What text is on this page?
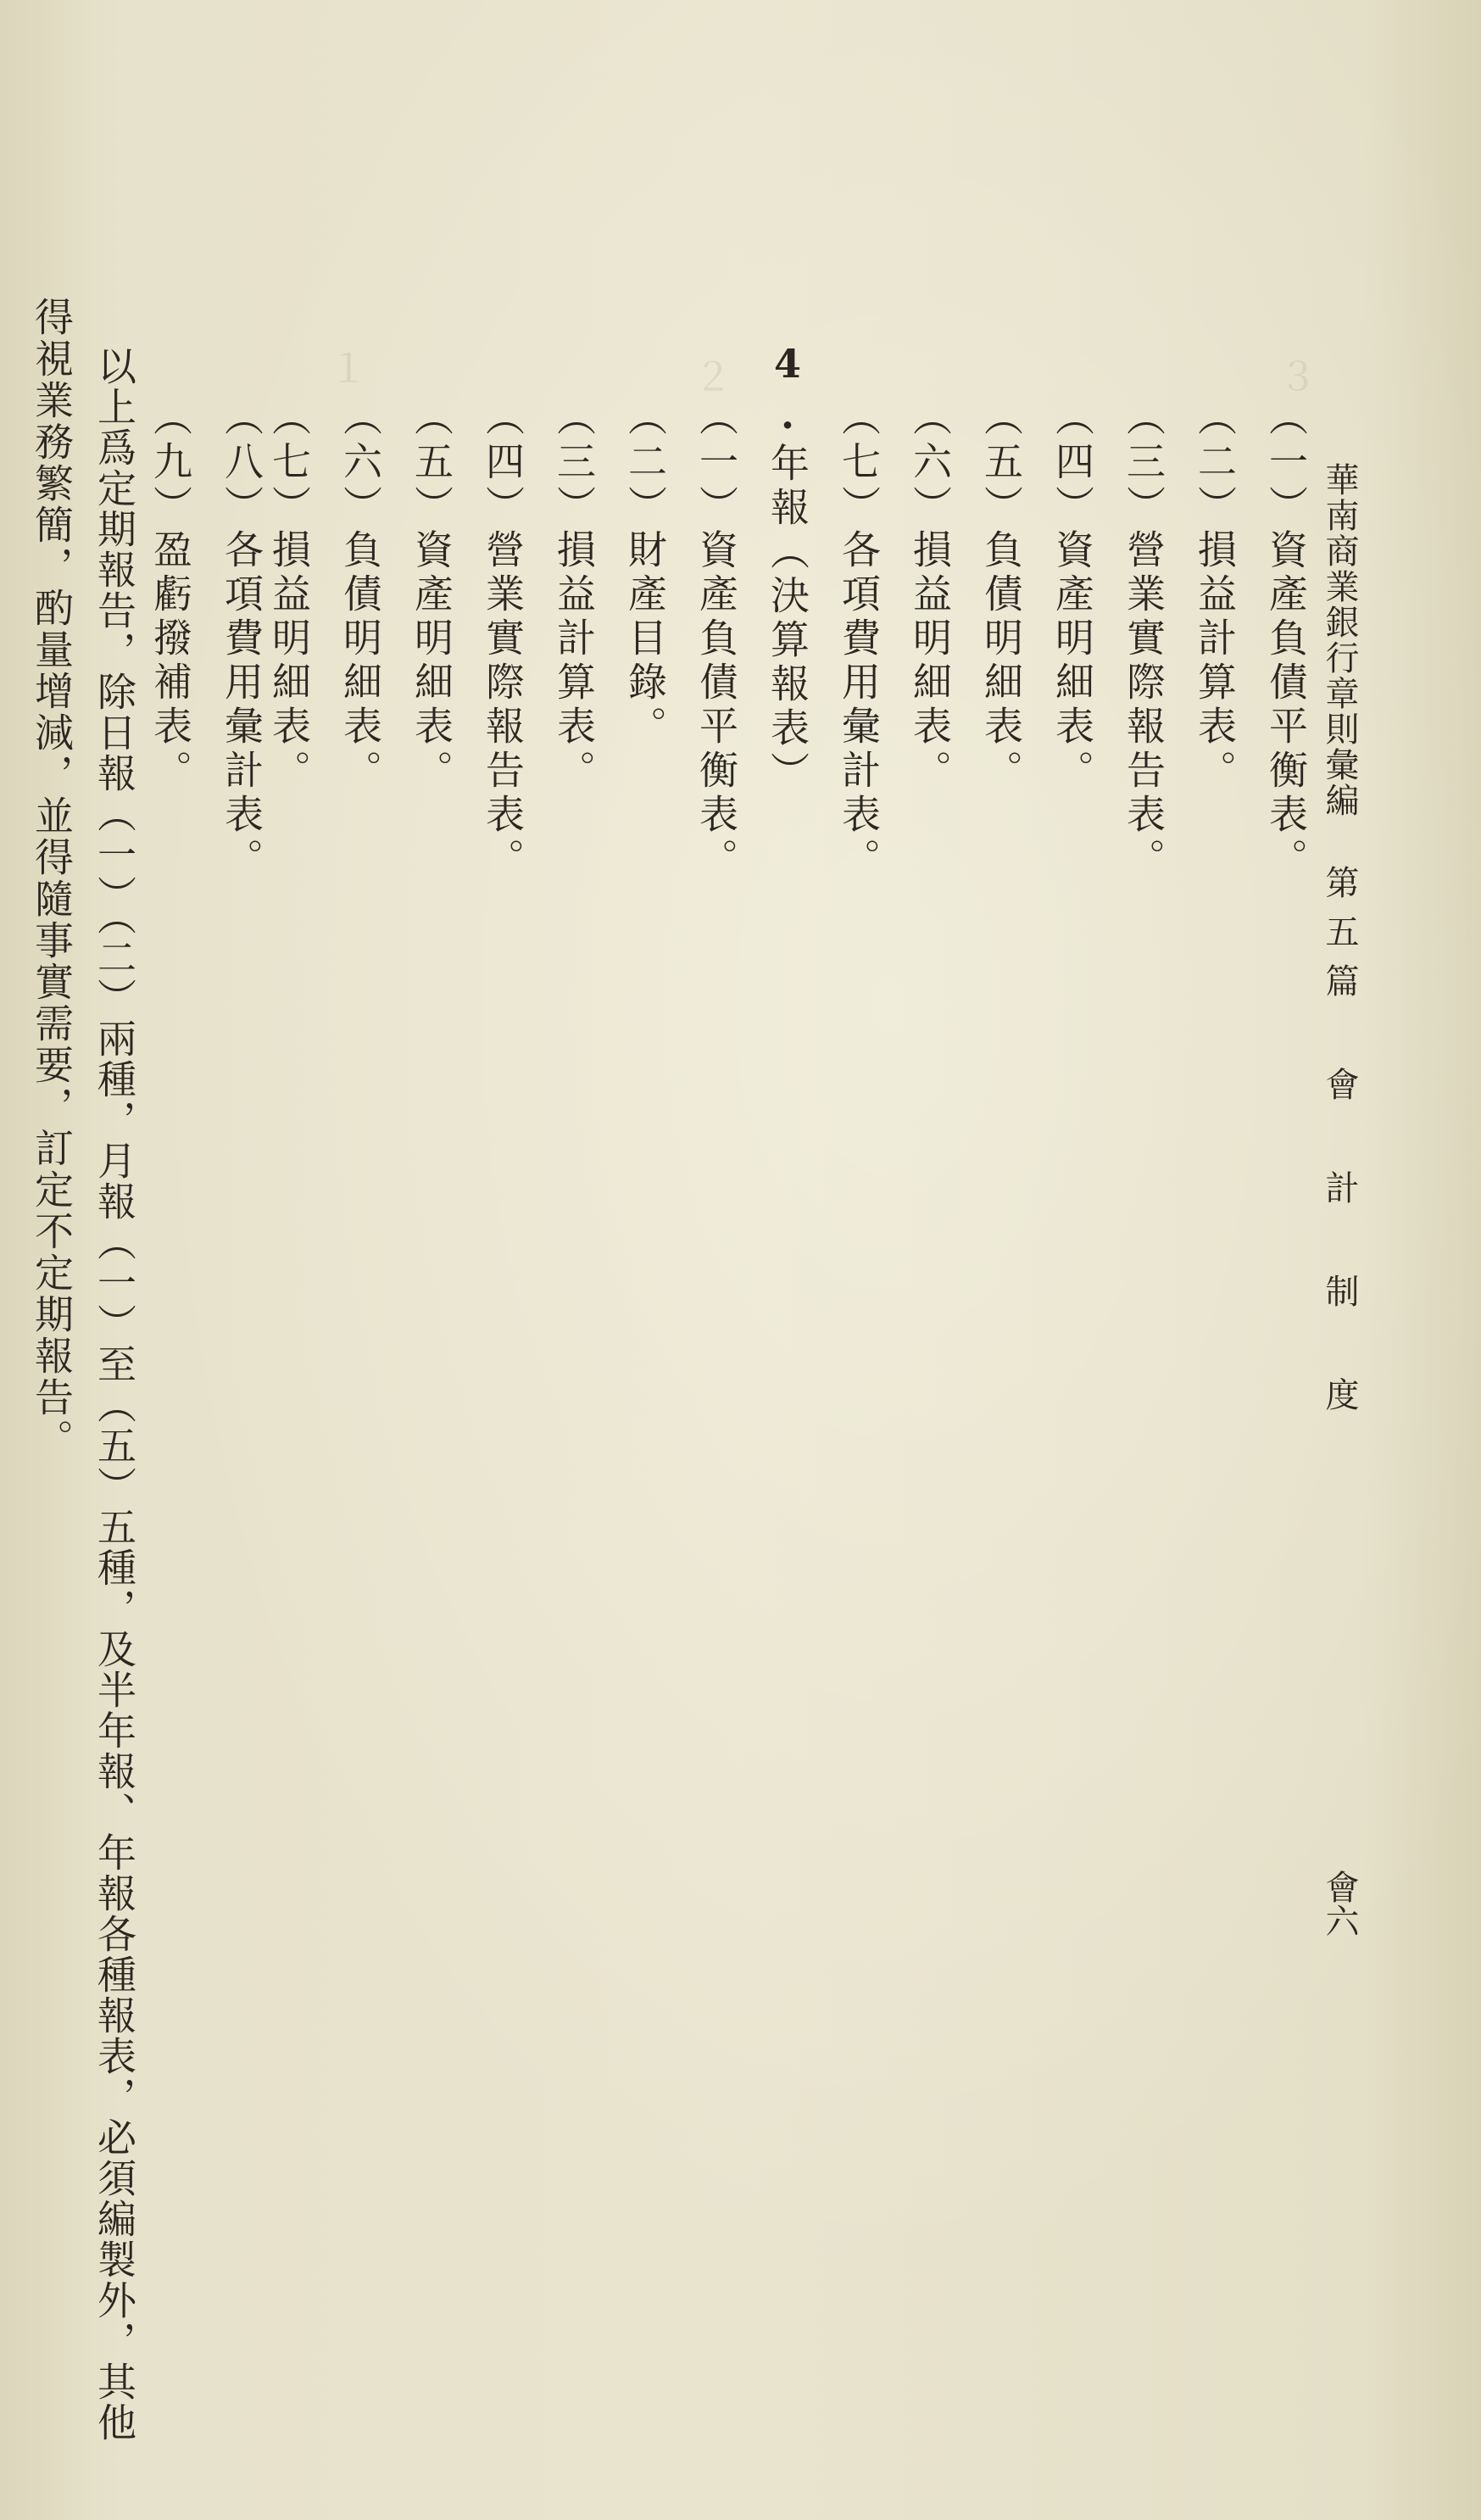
３
２
１
華南商業銀行章則彙編
第五篇 會 計 制 度
會六
（一）資產負債平衡表。
（二）損益計算表。
（三）營業實際報告表。
（四）資產明細表。
（五）負債明細表。
（六）損益明細表。
（七）各項費用彙計表。
4.年報（決算報表）
（一）資產負債平衡表。
（二）財產目錄。
（三）損益計算表。
（四）營業實際報告表。
（五）資產明細表。
（六）負債明細表。
（七）損益明細表。
（八）各項費用彙計表。
（九）盈虧撥補表。
以上爲定期報告，除日報（一）（二）兩種，月報（一）至（五）五種，及半年報、年報各種報表，必須編製外，其他
得視業務繁簡，酌量增減，並得隨事實需要，訂定不定期報告。
